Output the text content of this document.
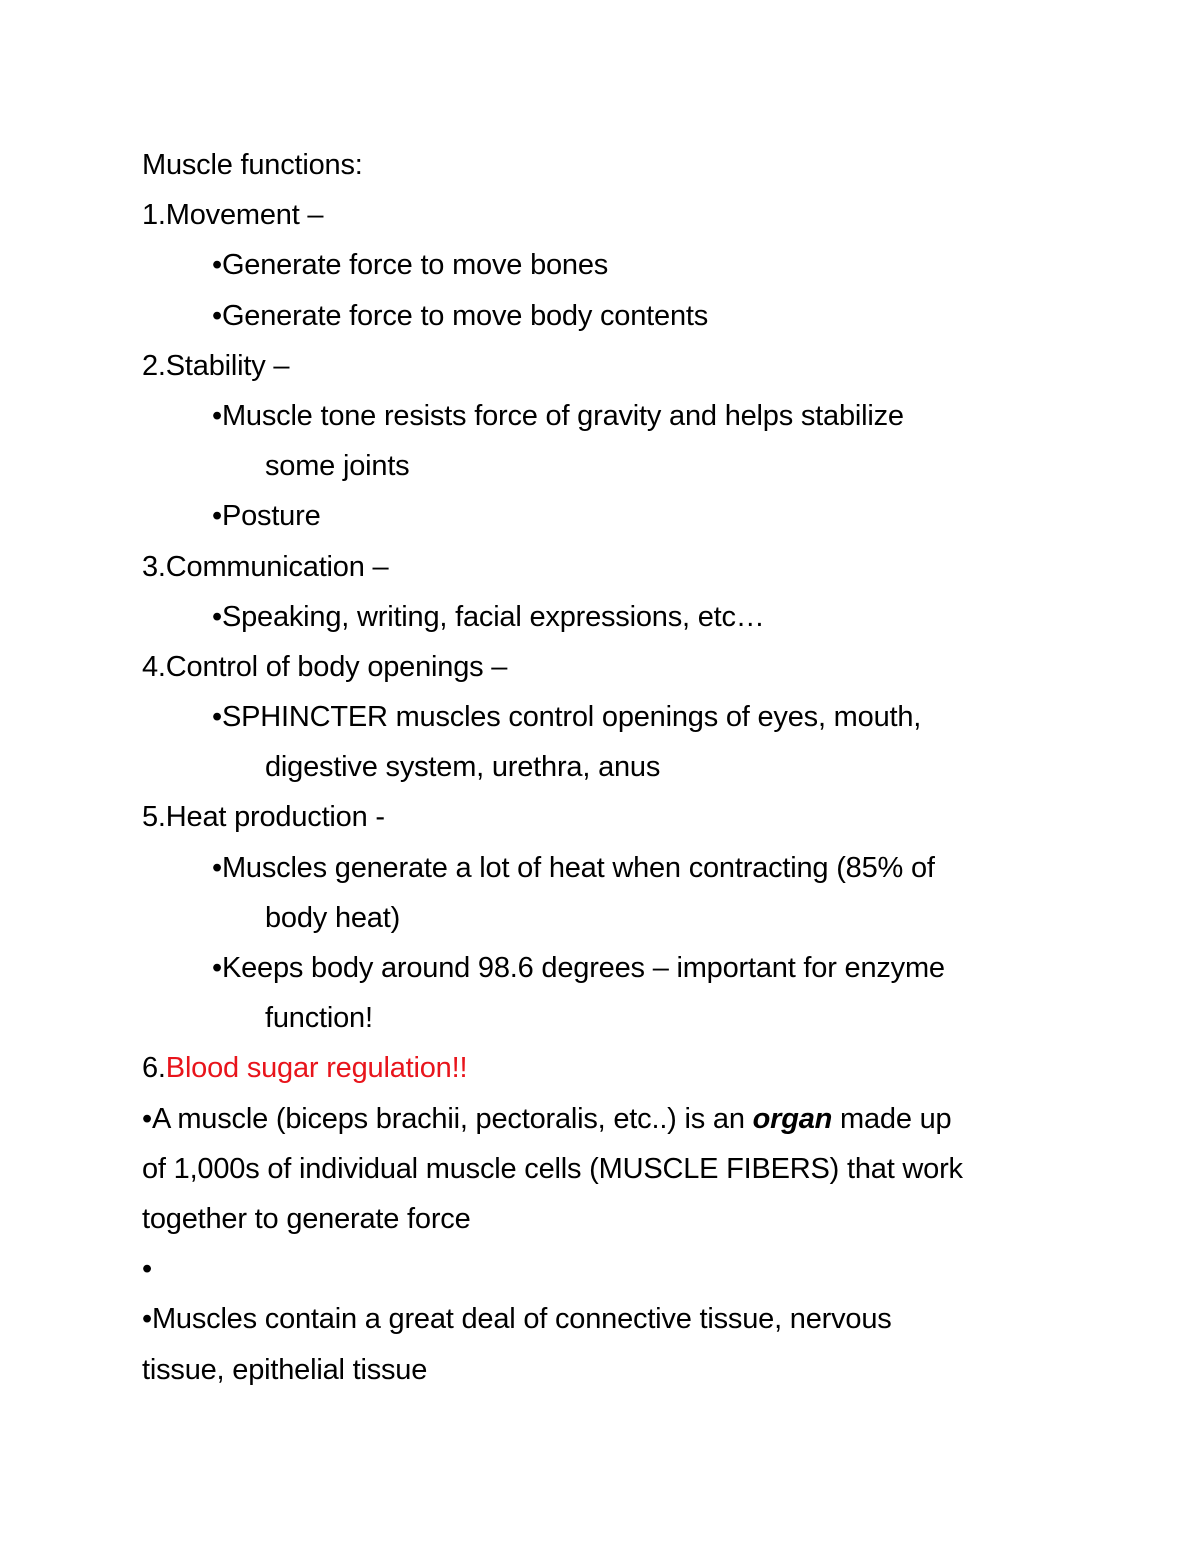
Muscle functions:
1.Movement –
•Generate force to move bones
•Generate force to move body contents
2.Stability –
•Muscle tone resists force of gravity and helps stabilize
some joints
•Posture
3.Communication –
•Speaking, writing, facial expressions, etc…
4.Control of body openings –
•SPHINCTER muscles control openings of eyes, mouth,
digestive system, urethra, anus
5.Heat production -
•Muscles generate a lot of heat when contracting (85% of
body heat)
•Keeps body around 98.6 degrees – important for enzyme
function!
6.Blood sugar regulation!!
•A muscle (biceps brachii, pectoralis, etc..) is an organ made up
of 1,000s of individual muscle cells (MUSCLE FIBERS) that work
together to generate force
•
•Muscles contain a great deal of connective tissue, nervous
tissue, epithelial tissue
